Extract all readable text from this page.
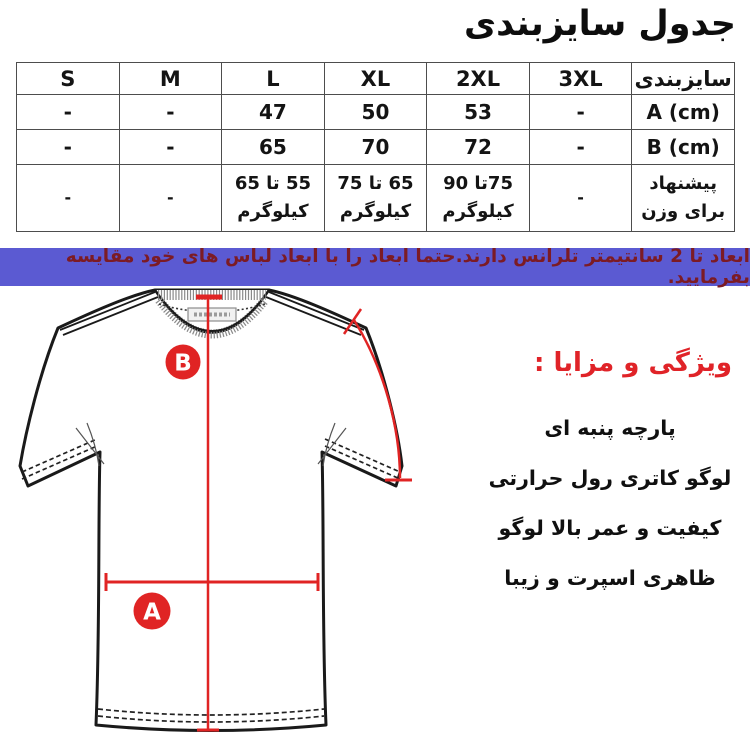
جدول سایزبندی
S	M	L	XL	2XL	3XL	سایزبندی
-	-	47	50	53	-	A (cm)
-	-	65	70	72	-	B (cm)
-	-	55 تا 65 کیلوگرم	65 تا 75 کیلوگرم	75تا 90 کیلوگرم	-	پیشنهاد برای وزن
ابعاد تا 2 سانتیمتر تلرانس دارند.حتما ابعاد را با ابعاد لباس های خود مقایسه بفرمایید.
B
A
ویژگی و مزایا :
پارچه پنبه ای
لوگو کاتری رول حرارتی
کیفیت و عمر بالا لوگو
ظاهری اسپرت و زیبا
